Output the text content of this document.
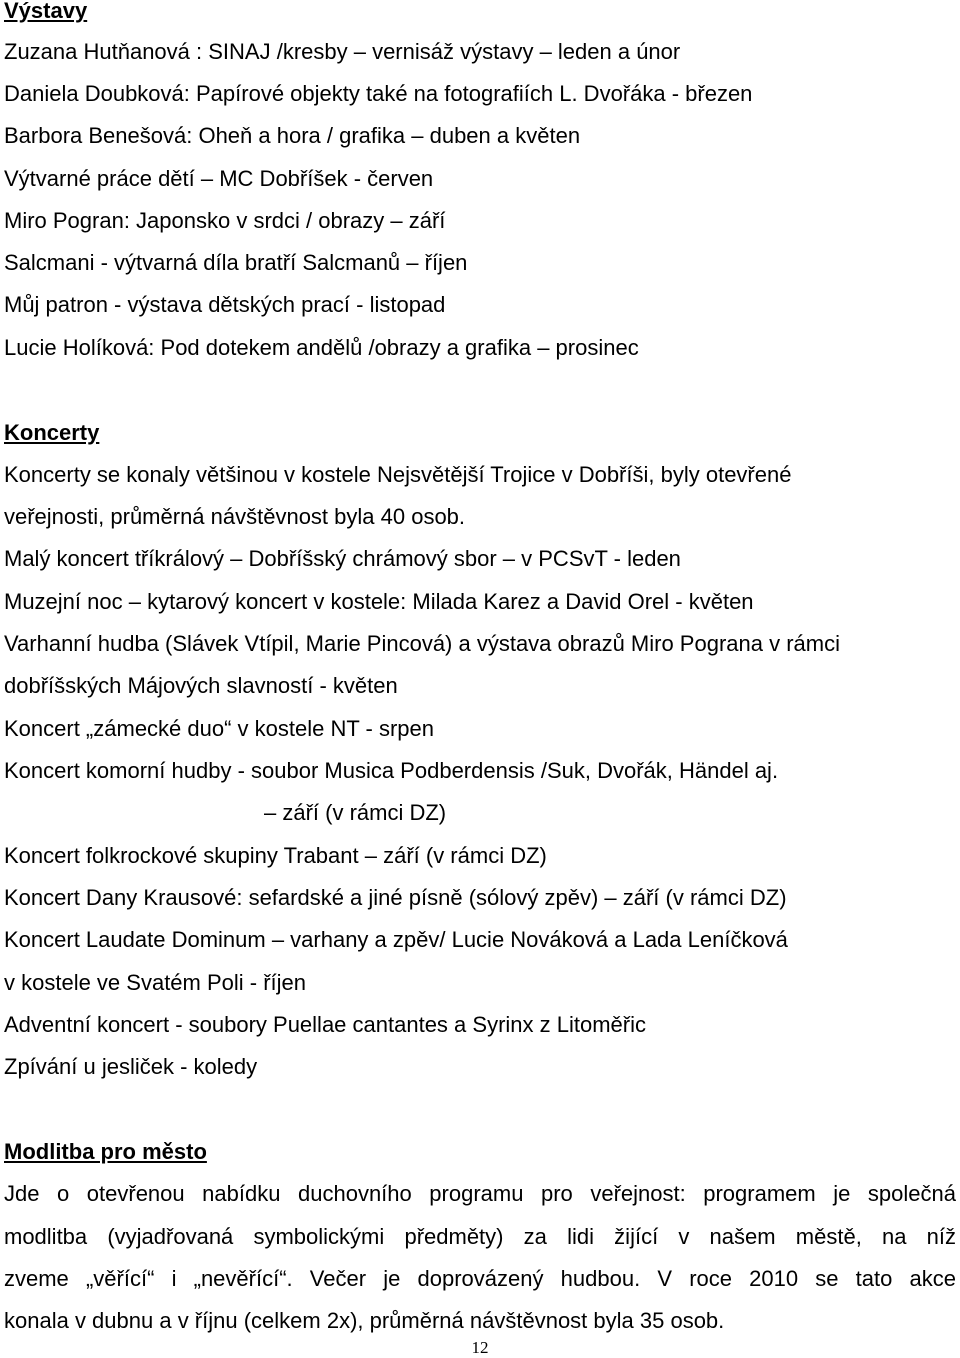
Výstavy
Zuzana Hutňanová : SINAJ /kresby – vernisáž výstavy – leden a únor
Daniela Doubková: Papírové objekty také na fotografiích L. Dvořáka - březen
Barbora Benešová: Oheň a hora / grafika – duben a květen
Výtvarné práce dětí – MC Dobříšek - červen
Miro Pogran: Japonsko v srdci / obrazy – září
Salcmani - výtvarná díla bratří Salcmanů – říjen
Můj patron - výstava dětských prací - listopad
Lucie Holíková: Pod dotekem andělů /obrazy a grafika – prosinec
Koncerty
Koncerty se konaly většinou v kostele Nejsvětější Trojice v Dobříši, byly otevřené
veřejnosti, průměrná návštěvnost byla 40 osob.
Malý koncert tříkrálový – Dobříšský chrámový sbor – v PCSvT - leden
Muzejní noc – kytarový koncert v kostele: Milada Karez a David Orel - květen
Varhanní hudba (Slávek Vtípil, Marie Pincová) a výstava obrazů Miro Pograna v rámci
dobříšských Májových slavností - květen
Koncert „zámecké duo“ v kostele NT - srpen
Koncert komorní hudby - soubor Musica Podberdensis /Suk, Dvořák, Händel aj.
– září (v rámci DZ)
Koncert folkrockové skupiny Trabant – září (v rámci DZ)
Koncert Dany Krausové: sefardské a jiné písně (sólový zpěv) – září (v rámci DZ)
Koncert Laudate Dominum – varhany a zpěv/ Lucie Nováková a Lada Leníčková
v kostele ve Svatém Poli - říjen
Adventní koncert - soubory Puellae cantantes a Syrinx z Litoměřic
Zpívání u jesliček - koledy
Modlitba pro město
Jde o otevřenou nabídku duchovního programu pro veřejnost: programem je společná
modlitba (vyjadřovaná symbolickými předměty) za lidi žijící v našem městě, na níž
zveme „věřící“ i „nevěřící“. Večer je doprovázený hudbou. V roce 2010 se tato akce
konala v dubnu a v říjnu (celkem 2x), průměrná návštěvnost byla 35 osob.
12
